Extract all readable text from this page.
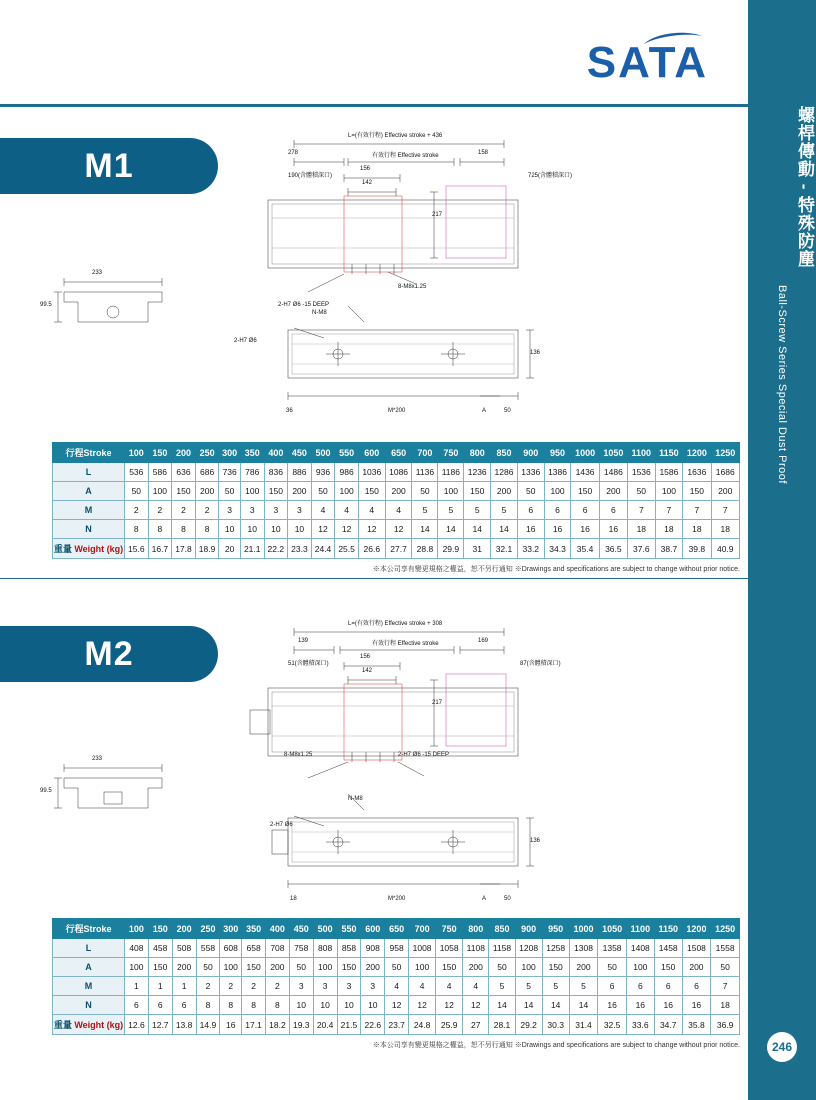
螺桿傳動 - 特殊防塵
Ball-Screw Series Special Dust Proof
246
SATA
M1
L=(有效行程) Effective stroke + 436
278	有效行程 Effective stroke	158
156
142
190(含體積深口)	725(含體積深口)
217
2-H7 Ø6 -15 DEEP
8-M8x1.25
233
99.5
N-M8
2-H7 Ø6
136
36	M*200	A	50
行程Stroke	100	150	200	250	300	350	400	450	500	550	600	650	700	750	800	850	900	950	1000	1050	1100	1150	1200	1250
L	536	586	636	686	736	786	836	886	936	986	1036	1086	1136	1186	1236	1286	1336	1386	1436	1486	1536	1586	1636	1686
A	50	100	150	200	50	100	150	200	50	100	150	200	50	100	150	200	50	100	150	200	50	100	150	200
M	2	2	2	2	3	3	3	3	4	4	4	4	5	5	5	5	6	6	6	6	7	7	7	7
N	8	8	8	8	10	10	10	10	12	12	12	12	14	14	14	14	16	16	16	16	18	18	18	18
重量 Weight (kg)	15.6	16.7	17.8	18.9	20	21.1	22.2	23.3	24.4	25.5	26.6	27.7	28.8	29.9	31	32.1	33.2	34.3	35.4	36.5	37.6	38.7	39.8	40.9
※本公司享有變更規格之權益，恕不另行通知 ※Drawings and specifications are subject to change without prior notice.
M2
L=(有效行程) Effective stroke + 308
139	有效行程 Effective stroke	169
156
142
51(含體積深口)	87(含體積深口)
217
2-H7 Ø6 -15 DEEP
8-M8x1.25
233
99.5
N-M8
2-H7 Ø6
136
18	M*200	A	50
行程Stroke	100	150	200	250	300	350	400	450	500	550	600	650	700	750	800	850	900	950	1000	1050	1100	1150	1200	1250
L	408	458	508	558	608	658	708	758	808	858	908	958	1008	1058	1108	1158	1208	1258	1308	1358	1408	1458	1508	1558
A	100	150	200	50	100	150	200	50	100	150	200	50	100	150	200	50	100	150	200	50	100	150	200	50
M	1	1	1	2	2	2	2	3	3	3	3	4	4	4	4	5	5	5	5	6	6	6	6	7
N	6	6	6	8	8	8	8	10	10	10	10	12	12	12	12	14	14	14	14	16	16	16	16	18
重量 Weight (kg)	12.6	12.7	13.8	14.9	16	17.1	18.2	19.3	20.4	21.5	22.6	23.7	24.8	25.9	27	28.1	29.2	30.3	31.4	32.5	33.6	34.7	35.8	36.9
※本公司享有變更規格之權益，恕不另行通知 ※Drawings and specifications are subject to change without prior notice.
